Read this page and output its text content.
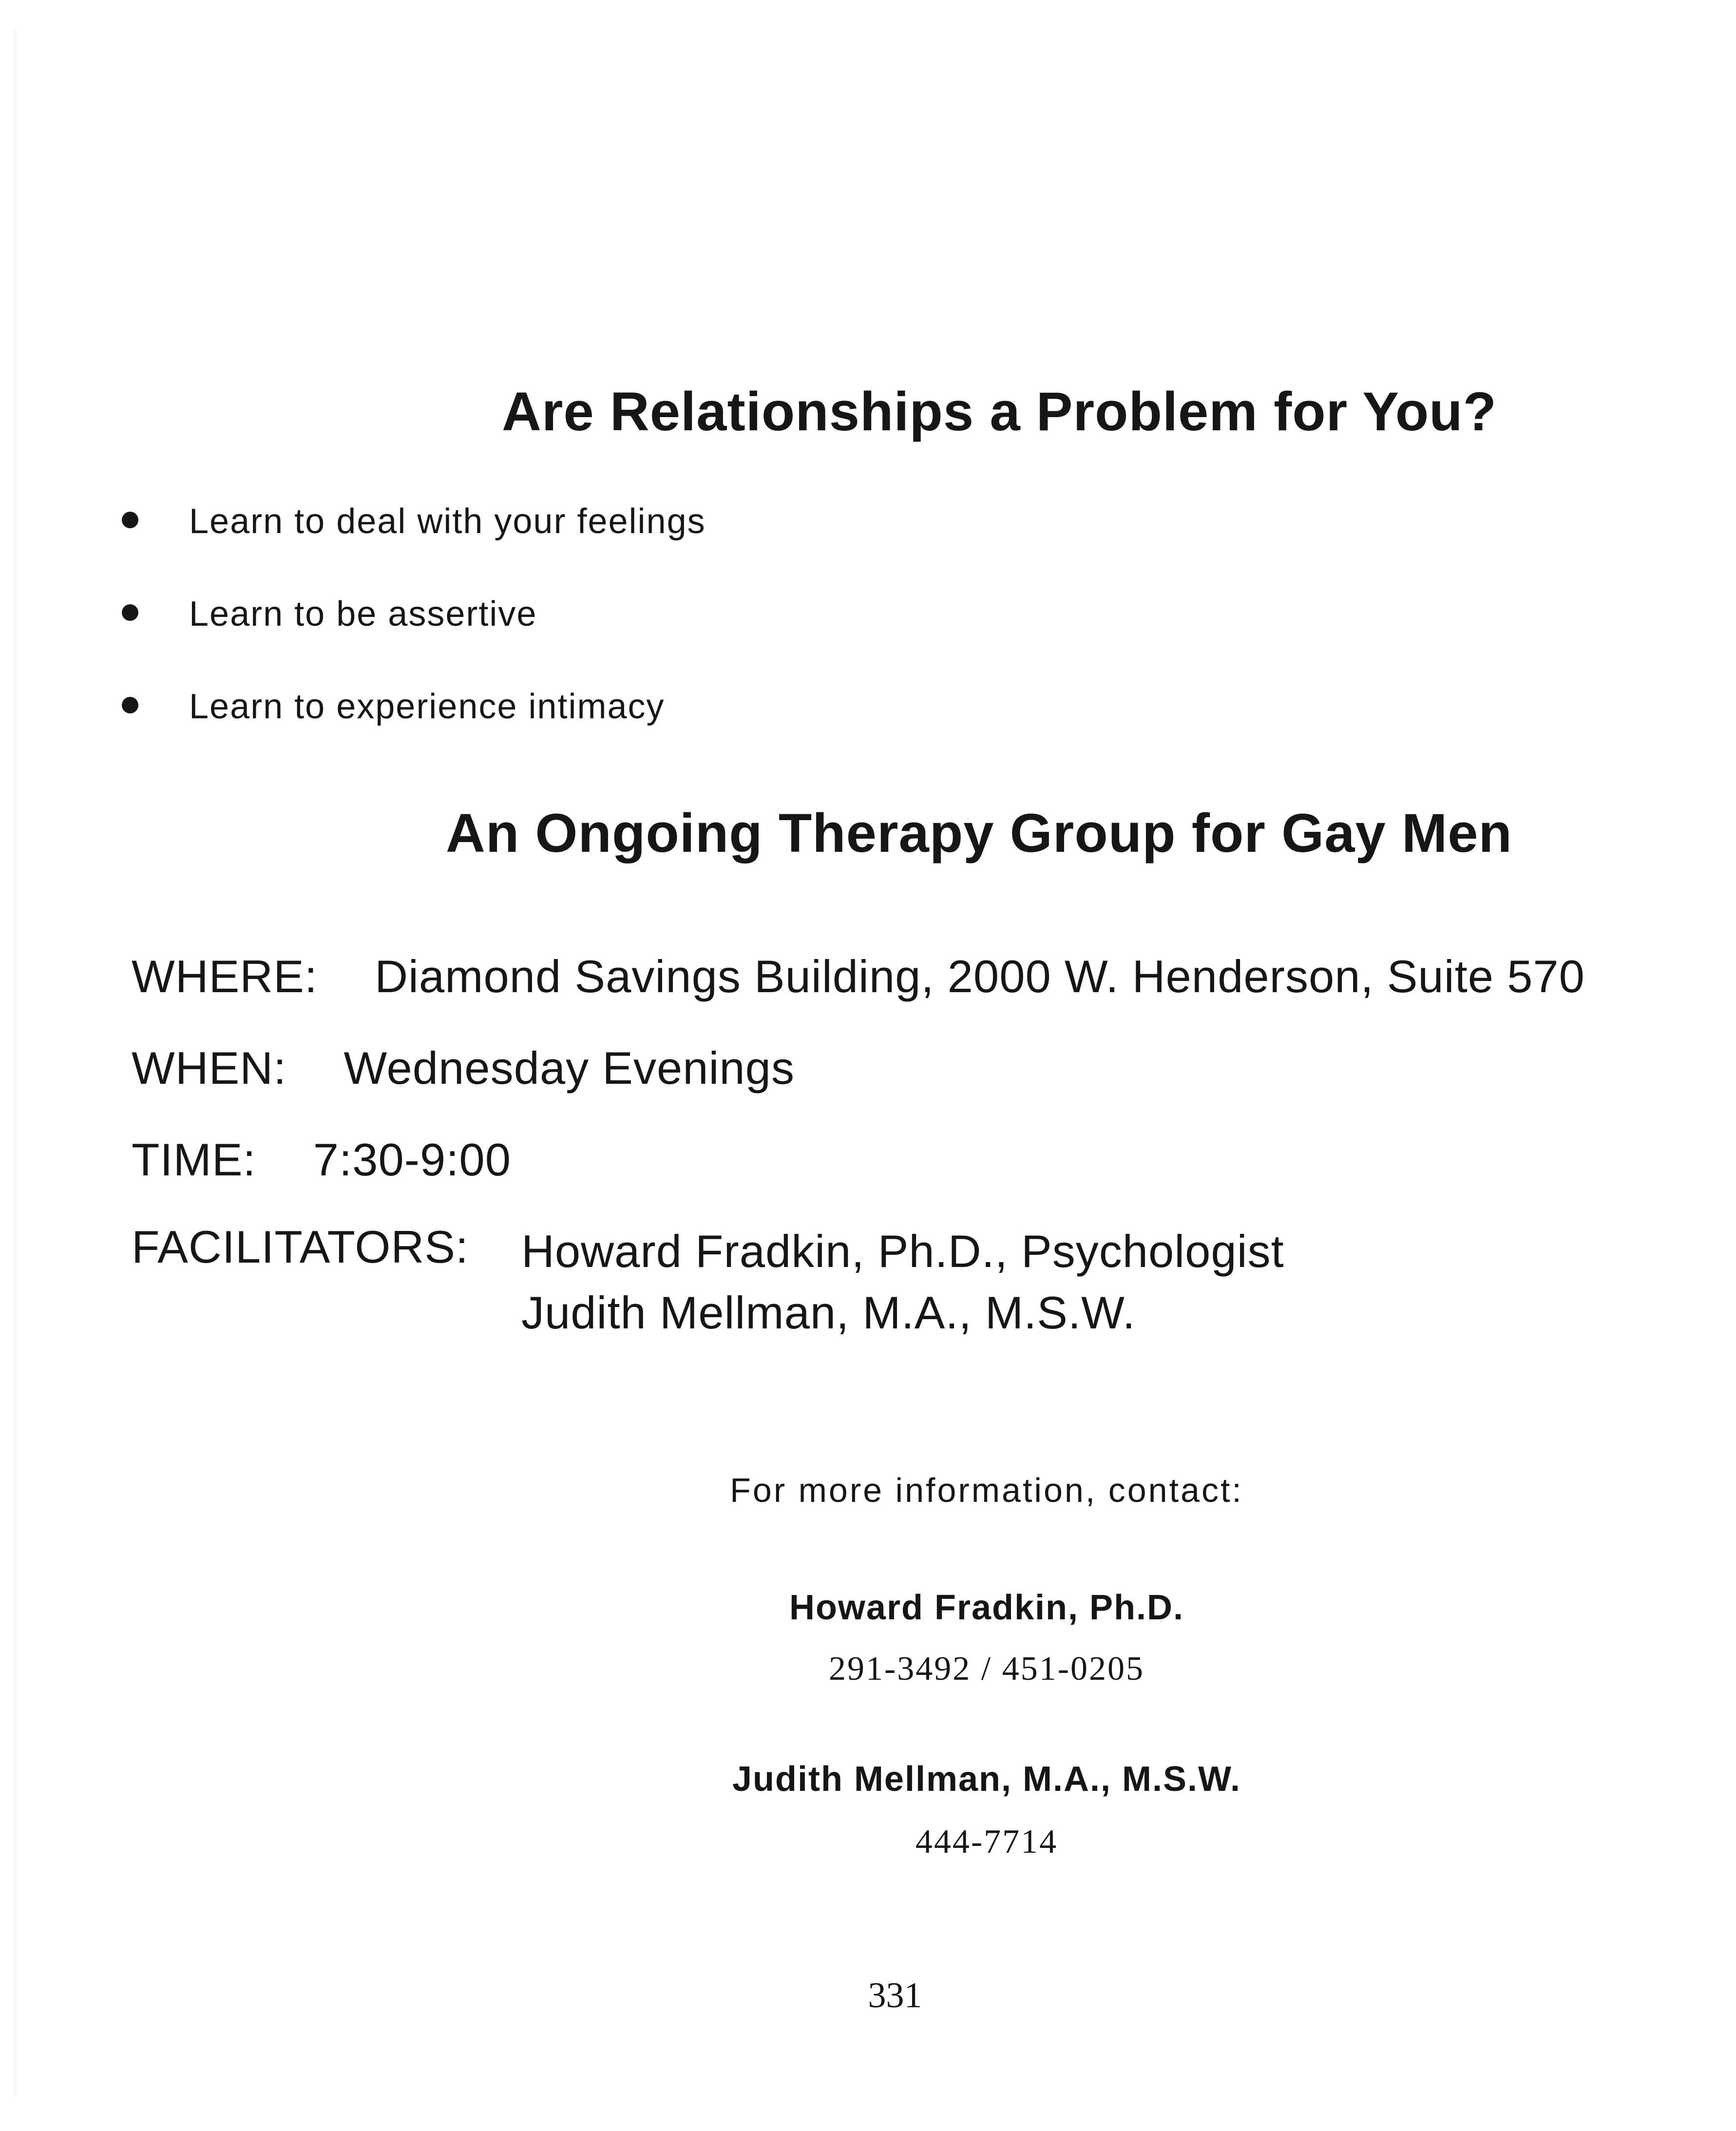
Are Relationships a Problem for You?
Learn to deal with your feelings
Learn to be assertive
Learn to experience intimacy
An Ongoing Therapy Group for Gay Men
WHERE: Diamond Savings Building, 2000 W. Henderson, Suite 570
WHEN: Wednesday Evenings
TIME: 7:30-9:00
FACILITATORS: Howard Fradkin, Ph.D., Psychologist
Judith Mellman, M.A., M.S.W.
For more information, contact:
Howard Fradkin, Ph.D.
291-3492 / 451-0205
Judith Mellman, M.A., M.S.W.
444-7714
331
